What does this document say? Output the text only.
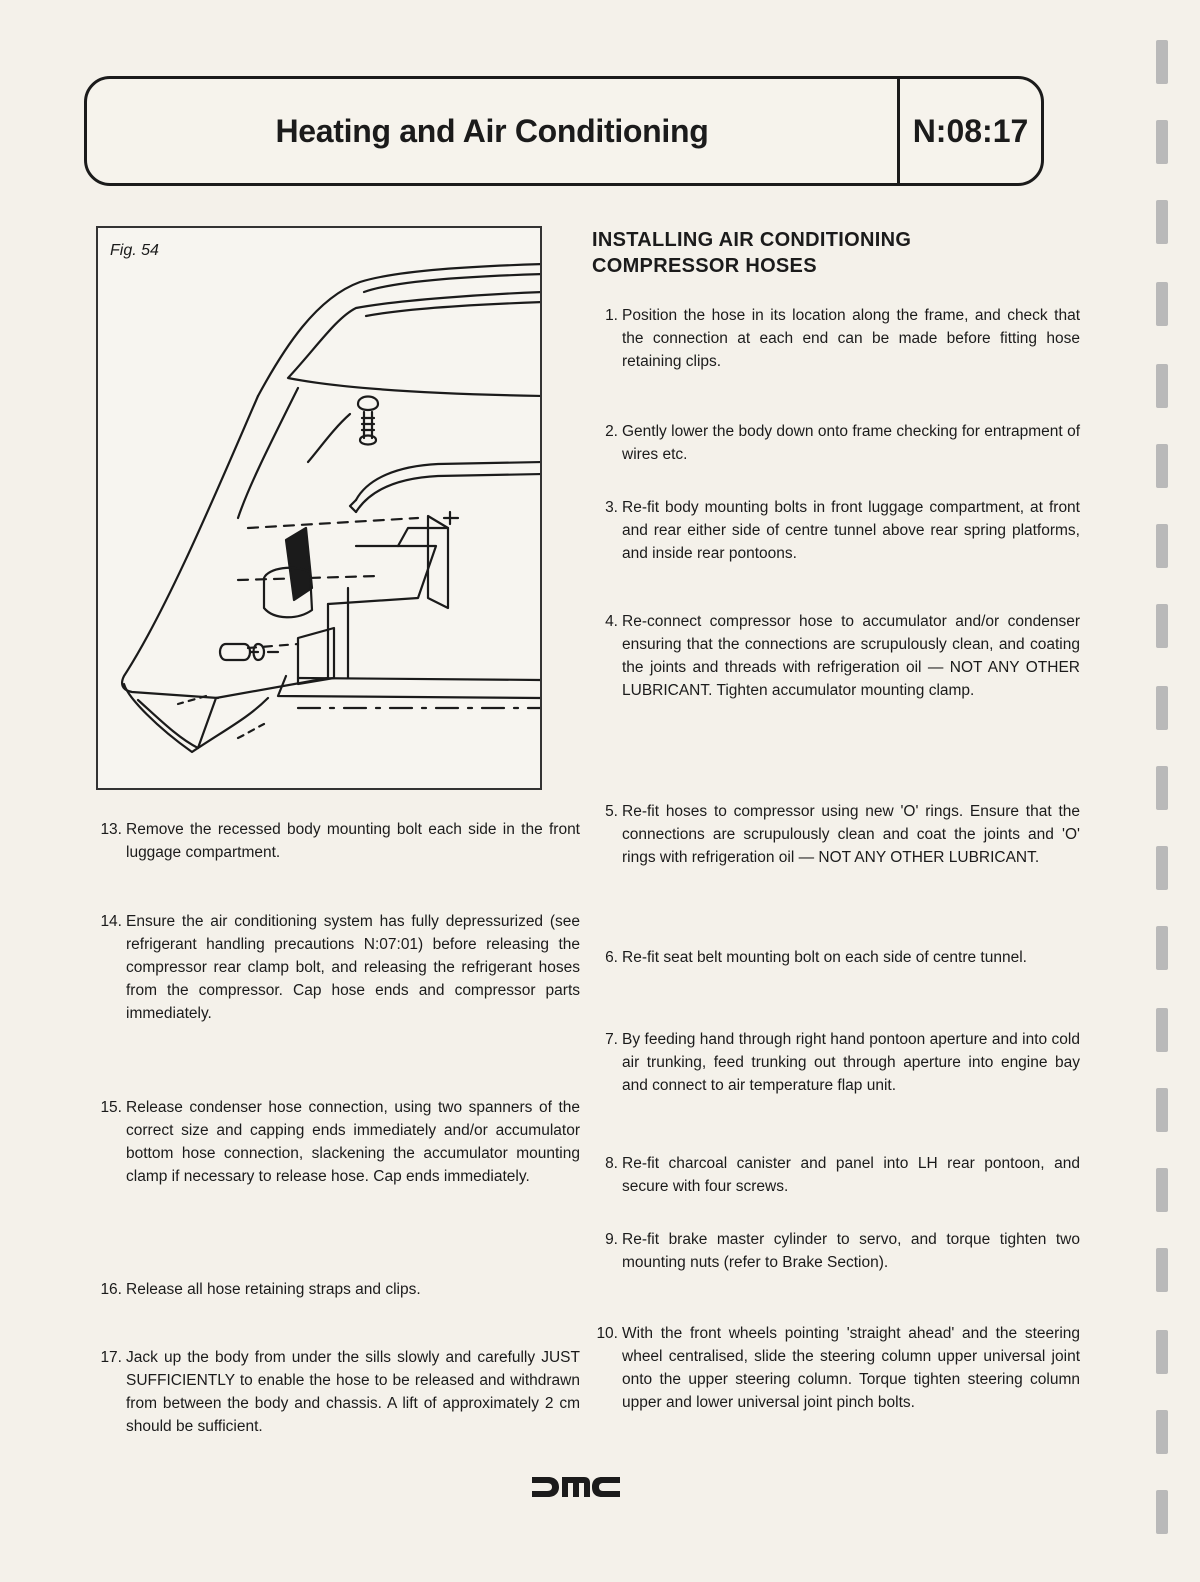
Heating and Air Conditioning	N:08:17
Fig. 54
13. Remove the recessed body mounting bolt each side in the front luggage compartment.
14. Ensure the air conditioning system has fully depressurized (see refrigerant handling precautions N:07:01) before releasing the compressor rear clamp bolt, and releasing the refrigerant hoses from the compressor. Cap hose ends and compressor parts immediately.
15. Release condenser hose connection, using two spanners of the correct size and capping ends immediately and/or accumulator bottom hose connection, slackening the accumulator mounting clamp if necessary to release hose. Cap ends immediately.
16. Release all hose retaining straps and clips.
17. Jack up the body from under the sills slowly and carefully JUST SUFFICIENTLY to enable the hose to be released and withdrawn from between the body and chassis. A lift of approximately 2 cm should be sufficient.
INSTALLING AIR CONDITIONING COMPRESSOR HOSES
1. Position the hose in its location along the frame, and check that the connection at each end can be made before fitting hose retaining clips.
2. Gently lower the body down onto frame checking for entrapment of wires etc.
3. Re-fit body mounting bolts in front luggage compartment, at front and rear either side of centre tunnel above rear spring platforms, and inside rear pontoons.
4. Re-connect compressor hose to accumulator and/or condenser ensuring that the connections are scrupulously clean, and coating the joints and threads with refrigeration oil — NOT ANY OTHER LUBRICANT. Tighten accumulator mounting clamp.
5. Re-fit hoses to compressor using new 'O' rings. Ensure that the connections are scrupulously clean and coat the joints and 'O' rings with refrigeration oil — NOT ANY OTHER LUBRICANT.
6. Re-fit seat belt mounting bolt on each side of centre tunnel.
7. By feeding hand through right hand pontoon aperture and into cold air trunking, feed trunking out through aperture into engine bay and connect to air temperature flap unit.
8. Re-fit charcoal canister and panel into LH rear pontoon, and secure with four screws.
9. Re-fit brake master cylinder to servo, and torque tighten two mounting nuts (refer to Brake Section).
10. With the front wheels pointing 'straight ahead' and the steering wheel centralised, slide the steering column upper universal joint onto the upper steering column. Torque tighten steering column upper and lower universal joint pinch bolts.
